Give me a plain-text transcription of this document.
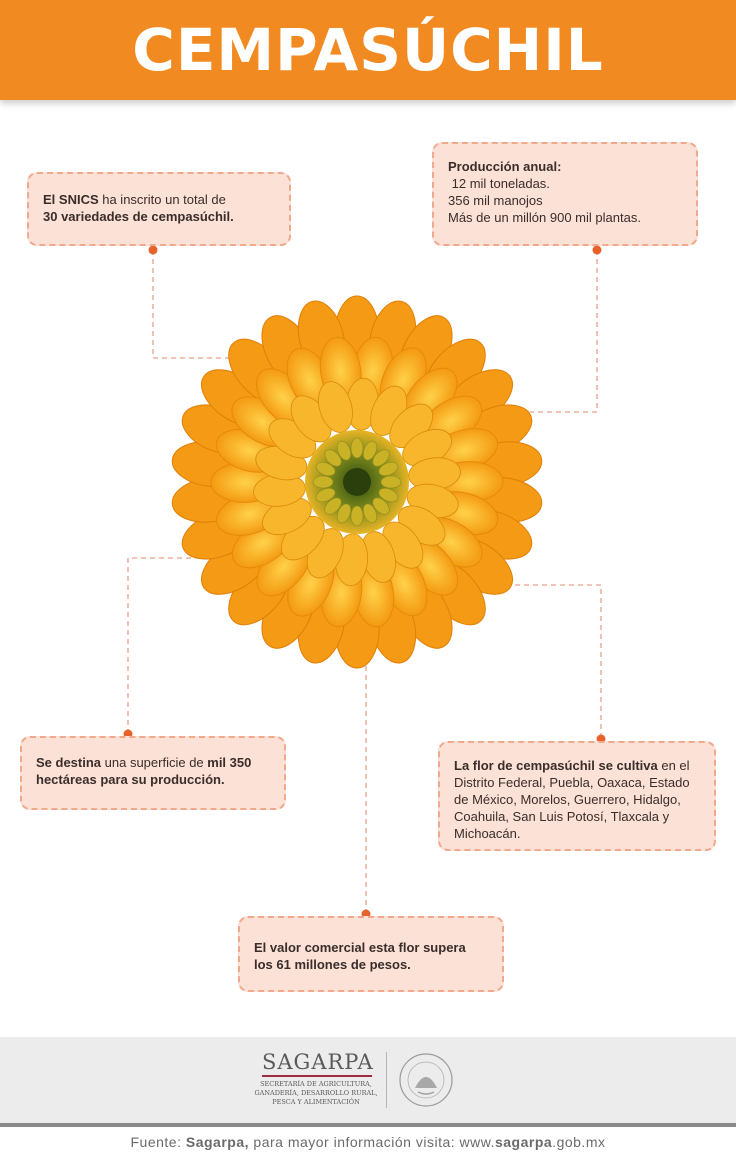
CEMPASÚCHIL
El SNICS ha inscrito un total de
30 variedades de cempasúchil.
Producción anual:
12 mil toneladas.
356 mil manojos
Más de un millón 900 mil plantas.
Se destina una superficie de mil 350 hectáreas para su producción.
La flor de cempasúchil se cultiva en el Distrito Federal, Puebla, Oaxaca, Estado de México, Morelos, Guerrero, Hidalgo, Coahuila, San Luis Potosí, Tlaxcala y Michoacán.
El valor comercial esta flor supera los 61 millones de pesos.
SAGARPA
SECRETARÍA DE AGRICULTURA, GANADERÍA, DESARROLLO RURAL, PESCA Y ALIMENTACIÓN
Fuente: Sagarpa, para mayor información visita: www.sagarpa.gob.mx
